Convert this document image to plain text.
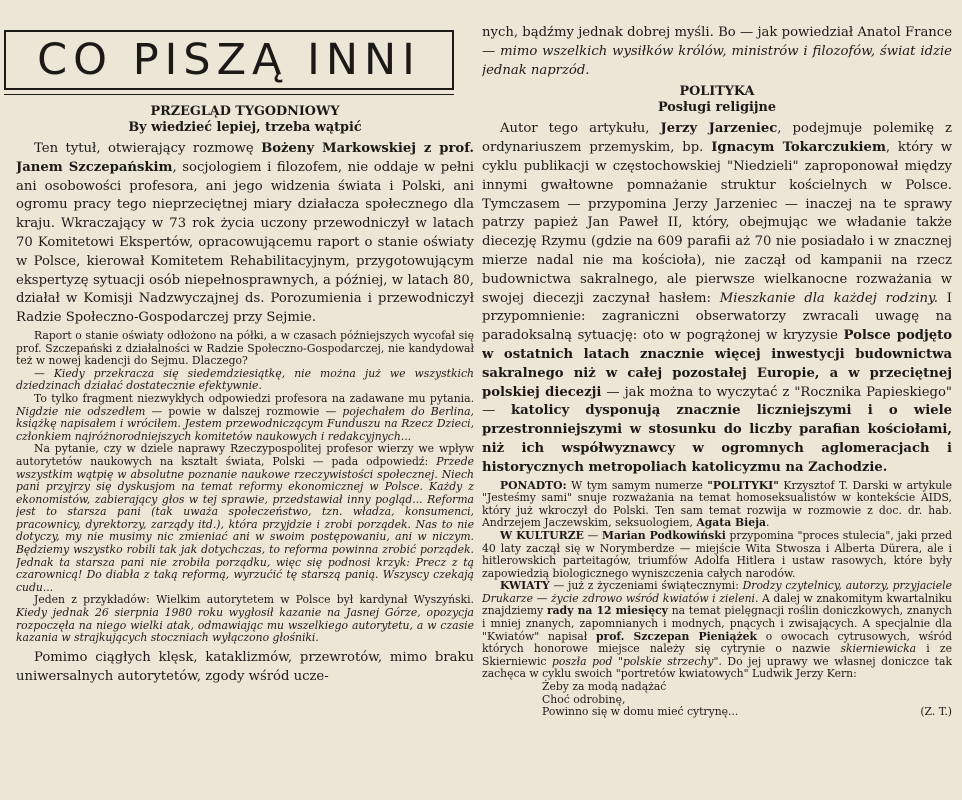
CO PISZĄ INNI
PRZEGLĄD TYGODNIOWY
By wiedzieć lepiej, trzeba wątpić

Ten tytuł, otwierający rozmowę Bożeny Markowskiej z prof. Janem Szczepańskim, socjologiem i filozofem, nie oddaje w pełni ani osobowości profesora, ani jego widzenia świata i Polski, ani ogromu pracy tego nieprzeciętnej miary działacza społecznego dla kraju. Wkraczający w 73 rok życia uczony przewodniczył w latach 70 Komitetowi Ekspertów, opracowującemu raport o stanie oświaty w Polsce, kierował Komitetem Rehabilitacyjnym, przygotowującym ekspertyzę sytuacji osób niepełnosprawnych, a później, w latach 80, działał w Komisji Nadzwyczajnej ds. Porozumienia i przewodniczył Radzie Społeczno-Gospodarczej przy Sejmie.

Raport o stanie oświaty odłożono na półki, a w czasach późniejszych wycofał się prof. Szczepański z działalności w Radzie Społeczno-Gospodarczej, nie kandydował też w nowej kadencji do Sejmu. Dlaczego?

— Kiedy przekracza się siedemdziesiątkę, nie można już we wszystkich dziedzinach działać dostatecznie efektywnie.

To tylko fragment niezwykłych odpowiedzi profesora na zadawane mu pytania. Nigdzie nie odszedłem — powie w dalszej rozmowie — pojechałem do Berlina, książkę napisałem i wróciłem. Jestem przewodniczącym Funduszu na Rzecz Dzieci, członkiem najróżnorodniejszych komitetów naukowych i redakcyjnych...

Na pytanie, czy w dziele naprawy Rzeczypospolitej profesor wierzy we wpływ autorytetów naukowych na kształt świata, Polski — pada odpowiedź: Przede wszystkim wątpię w absolutne poznanie naukowe rzeczywistości społecznej. Niech pani przyjrzy się dyskusjom na temat reformy ekonomicznej w Polsce. Każdy z ekonomistów, zabierający głos w tej sprawie, przedstawiał inny pogląd... Reforma jest to starsza pani (tak uważa społeczeństwo, tzn. władza, konsumenci, pracownicy, dyrektorzy, zarządy itd.), która przyjdzie i zrobi porządek. Nas to nie dotyczy, my nie musimy nic zmieniać ani w swoim postępowaniu, ani w niczym. Będziemy wszystko robili tak jak dotychczas, to reforma powinna zrobić porządek. Jednak ta starsza pani nie zrobiła porządku, więc się podnosi krzyk: Precz z tą czarownicą! Do diabła z taką reformą, wyrzućić tę starszą panią. Wszyscy czekają cudu...

Jeden z przykładów: Wielkim autorytetem w Polsce był kardynał Wyszyński. Kiedy jednak 26 sierpnia 1980 roku wygłosił kazanie na Jasnej Górze, opozycja rozpoczęła na niego wielki atak, odmawiając mu wszelkiego autorytetu, a w czasie kazania w strajkujących stoczniach wyłączono głośniki.

Pomimo ciągłych klęsk, kataklizmów, przewrotów, mimo braku uniwersalnych autorytetów, zgody wśród ucze-

nych, bądźmy jednak dobrej myśli. Bo — jak powiedział Anatol France — mimo wszelkich wysiłków królów, ministrów i filozofów, świat idzie jednak naprzód.

POLITYKA
Posługi religijne

Autor tego artykułu, Jerzy Jarzeniec, podejmuje polemikę z ordynariuszem przemyskim, bp. Ignacym Tokarczukiem, który w cyklu publikacji w częstochowskiej "Niedzieli" zaproponował między innymi gwałtowne pomnażanie struktur kościelnych w Polsce. Tymczasem — przypomina Jerzy Jarzeniec — inaczej na te sprawy patrzy papież Jan Paweł II, który, obejmując we władanie także diecezję Rzymu (gdzie na 609 parafii aż 70 nie posiadało i w znacznej mierze nadal nie ma kościoła), nie zaczął od kampanii na rzecz budownictwa sakralnego, ale pierwsze wielkanocne rozważania w swojej diecezji zaczynał hasłem: Mieszkanie dla każdej rodziny. I przypomnienie: zagraniczni obserwatorzy zwracali uwagę na paradoksalną sytuację: oto w pogrążonej w kryzysie Polsce podjęto w ostatnich latach znacznie więcej inwestycji budownictwa sakralnego niż w całej pozostałej Europie, a w przeciętnej polskiej diecezji — jak można to wyczytać z "Rocznika Papieskiego" — katolicy dysponują znacznie liczniejszymi i o wiele przestronniejszymi w stosunku do liczby parafian kościołami, niż ich współwyznawcy w ogromnych aglomeracjach i historycznych metropoliach katolicyzmu na Zachodzie.

PONADTO: W tym samym numerze "POLITYKI" Krzysztof T. Darski w artykule "Jesteśmy sami" snuje rozważania na temat homoseksualistów w kontekście AIDS, który już wkroczył do Polski. Ten sam temat rozwija w rozmowie z doc. dr. hab. Andrzejem Jaczewskim, seksuologiem, Agata Bieja.

W KULTURZE — Marian Podkowiński przypomina "proces stulecia", jaki przed 40 laty zaczął się w Norymberdze — miejście Wita Stwosza i Alberta Dürera, ale i hitlerowskich parteitagów, triumfów Adolfa Hitlera i ustaw rasowych, które były zapowiedzią biologicznego wyniszczenia całych narodów.

KWIATY — już z życzeniami świątecznymi: Drodzy czytelnicy, autorzy, przyjaciele Drukarze — życie zdrowo wśród kwiatów i zieleni. A dalej w znakomitym kwartalniku znajdziemy rady na 12 miesięcy na temat pielęgnacji roślin doniczkowych, znanych i mniej znanych, zapomnianych i modnych, pnących i zwisających. A specjalnie dla "Kwiatów" napisał prof. Szczepan Pieniążek o owocach cytrusowych, wśród których honorowe miejsce należy się cytrynie o nazwie skierniewicka i ze Skierniewic poszła pod "polskie strzechy". Do jej uprawy we własnej doniczce tak zachęca w cyklu swoich "portretów kwiatowych" Ludwik Jerzy Kern:

Żeby za modą nadążać
Choć odrobinę,
Powinno się w domu mieć cytrynę...	(Z. T.)
